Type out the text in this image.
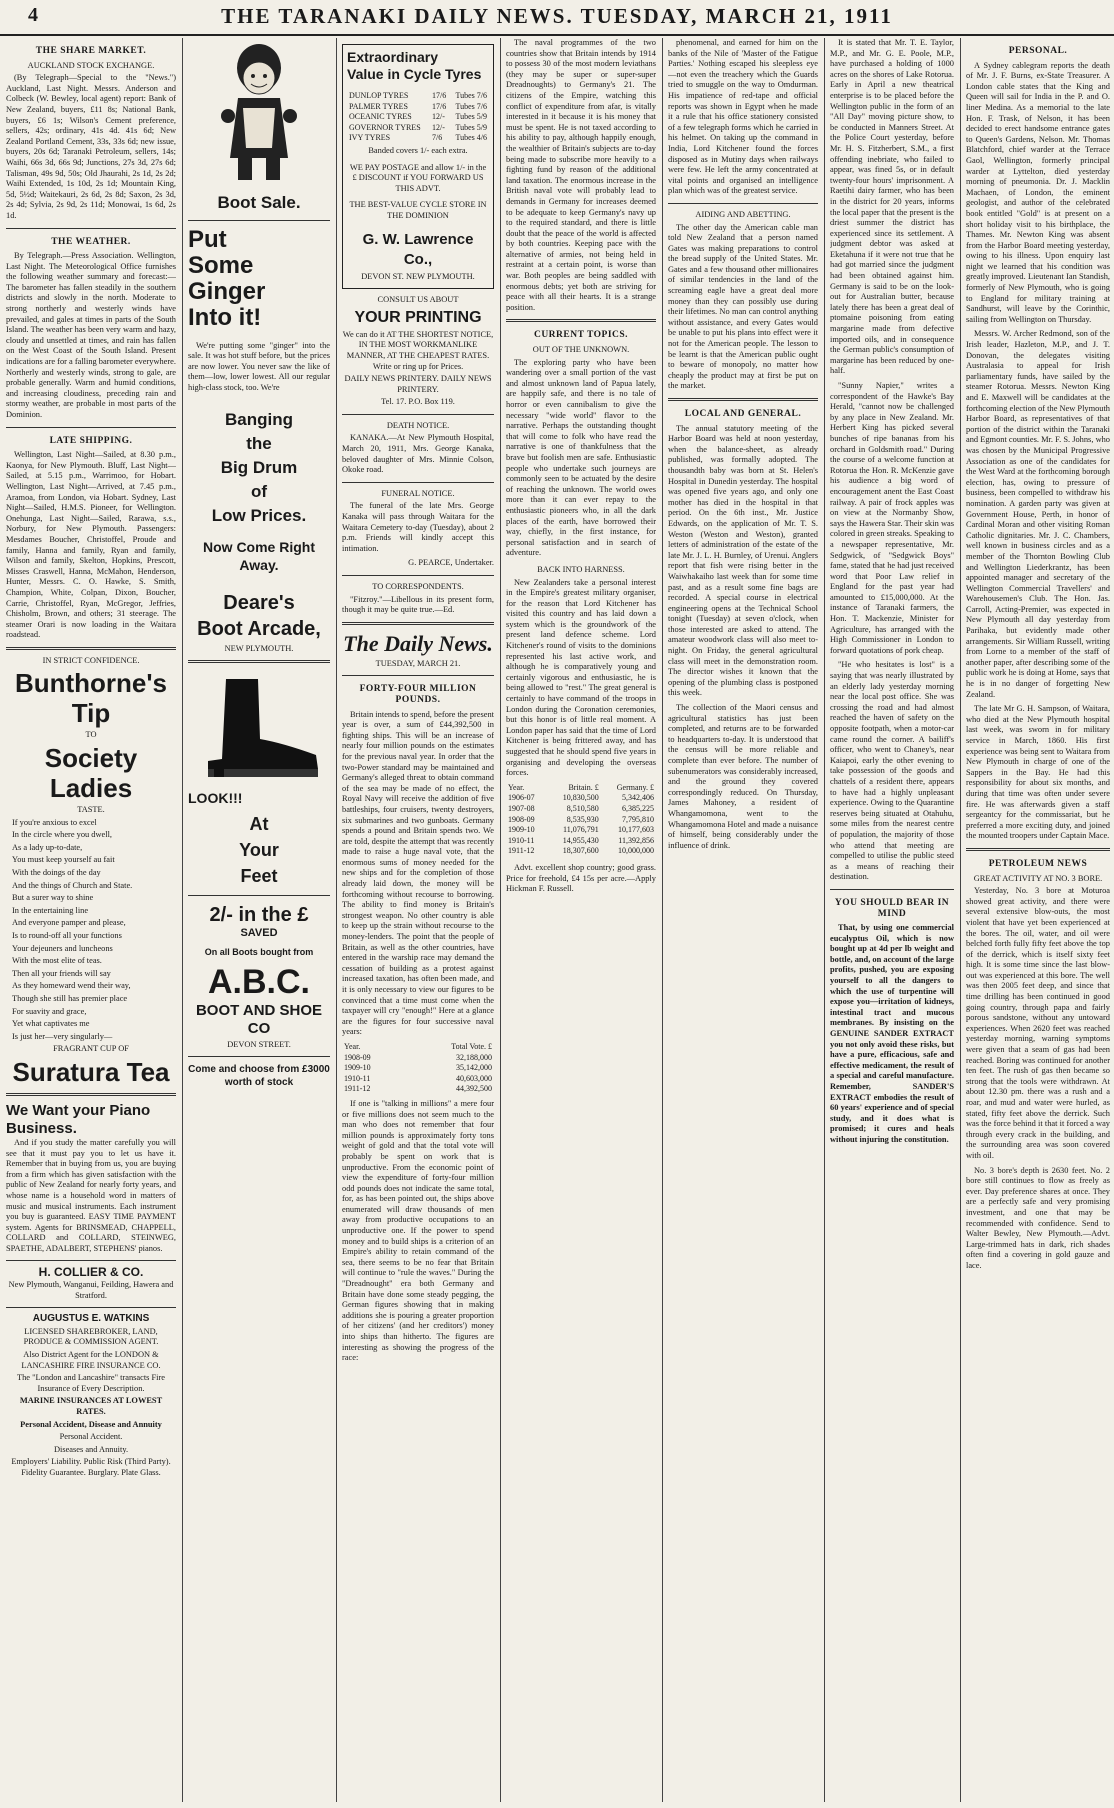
4	THE TARANAKI DAILY NEWS. TUESDAY, MARCH 21, 1911
THE SHARE MARKET.
AUCKLAND STOCK EXCHANGE.

(By Telegraph—Special to the "News.") Auckland, Last Night. Messrs. Anderson and Colbeck (W. Bewley, local agent) report: Bank of New Zealand, buyers, £11 8s; National Bank, buyers, £6 1s; Wilson's Cement preference, sellers, 42s; ordinary, 41s 4d. 41s 6d; New Zealand Portland Cement, 33s, 33s 6d; new issue, buyers, 20s 6d; Taranaki Petroleum, sellers, 14s; Waihi, 66s 3d, 66s 9d; Junctions, 27s 3d, 27s 6d; Talisman, 49s 9d, 50s; Old Jhaurahi, 2s 1d, 2s 2d; Waihi Extended, 1s 10d, 2s 1d; Mountain King, 5d, 5½d; Waitekauri, 2s 6d, 2s 8d; Saxon, 2s 3d, 2s 4d; Sylvia, 2s 9d, 2s 11d; Monowai, 1s 6d, 2s 1d.

THE WEATHER.

By Telegraph.—Press Association. Wellington, Last Night. The Meteorological Office furnishes the following weather summary and forecast:—The barometer has fallen steadily in the southern districts and slowly in the north. Moderate to strong northerly and westerly winds have prevailed, and gales at times in parts of the South Island. The weather has been very warm and hazy, cloudy and unsettled at times, and rain has fallen on the West Coast of the South Island. Present indications are for a falling barometer everywhere. Northerly and westerly winds, strong to gale, are probable generally. Warm and humid conditions, and increasing cloudiness, preceding rain and stormy weather, are probable in most parts of the Dominion.

LATE SHIPPING.

Wellington, Last Night—Sailed, at 8.30 p.m., Kaonya, for New Plymouth. Bluff, Last Night—Sailed, at 5.15 p.m., Warrimoo, for Hobart. Wellington, Last Night—Arrived, at 7.45 p.m., Aramoa, from London, via Hobart. Sydney, Last Night—Sailed, H.M.S. Pioneer, for Wellington. Onehunga, Last Night—Sailed, Rarawa, s.s., Norbury, for New Plymouth. Passengers: Mesdames Boucher, Christoffel, Proude and family, Hanna and family, Ryan and family, Wilson and family, Skelton, Hopkins, Prescott, Misses Craswell, Hanna, McMahon, Henderson, Hunter, Messrs. C. O. Hawke, S. Smith, Champion, White, Colpan, Dixon, Boucher, Carrie, Christoffel, Ryan, McGregor, Jeffries, Chisholm, Brown, and others; 31 steerage. The steamer Orari is now loading in the Waitara roadstead.

IN STRICT CONFIDENCE.
Bunthorne's Tip
TO
Society Ladies
TASTE.
If you're anxious to excel
In the circle where you dwell,
As a lady up-to-date,
You must keep yourself au fait
With the doings of the day
And the things of Church and State.
But a surer way to shine
In the entertaining line
And everyone pamper and please,
Is to round-off all your functions
Your dejeuners and luncheons
With the most elite of teas.
Then all your friends will say
As they homeward wend their way,
Though she still has premier place
For suavity and grace,
Yet what captivates me
Is just her—very singularly—
FRAGRANT CUP OF
Suratura Tea
We Want your Piano Business.

And if you study the matter carefully you will see that it must pay you to let us have it. Remember that in buying from us, you are buying from a firm which has given satisfaction with the public of New Zealand for nearly forty years, and whose name is a household word in matters of music and musical instruments. Each instrument you buy is guaranteed. EASY TIME PAYMENT system. Agents for BRINSMEAD, CHAPPELL, COLLARD and COLLARD, STEINWEG, SPAETHE, ADALBERT, STEPHENS' pianos.

H. COLLIER & CO.
New Plymouth, Wanganui, Feilding, Hawera and Stratford.
AUGUSTUS E. WATKINS
LICENSED SHAREBROKER, LAND, PRODUCE & COMMISSION AGENT.
Also District Agent for the LONDON & LANCASHIRE FIRE INSURANCE CO.
The "London and Lancashire" transacts Fire Insurance of Every Description.
MARINE INSURANCES AT LOWEST RATES.
Personal Accident, Disease and Annuity
Personal Accident.
Diseases and Annuity.
Employers' Liability. Public Risk (Third Party). Fidelity Guarantee. Burglary. Plate Glass.
Boot Sale.
Put
Some
Ginger
Into it!

We're putting some "ginger" into the sale. It was hot stuff before, but the prices are now lower. You never saw the like of them—low, lower lowest. All our regular high-class stock, too. We're

Banging
the
Big Drum
of
Low Prices.
Now Come Right Away.
Deare's
Boot Arcade,
NEW PLYMOUTH.
LOOK!!!
At
Your
Feet
2/- in the £
SAVED
On all Boots bought from
A.B.C.
BOOT AND SHOE CO
DEVON STREET.
Come and choose from £3000 worth of stock
Extraordinary
Value in Cycle Tyres
DUNLOP TYRES	17/6	Tubes 7/6
PALMER TYRES	17/6	Tubes 7/6
OCEANIC TYRES	12/-	Tubes 5/9
GOVERNOR TYRES	12/-	Tubes 5/9
IVY TYRES	7/6	Tubes 4/6
Banded covers 1/- each extra.
WE PAY POSTAGE and allow 1/- in the £ DISCOUNT if YOU FORWARD US THIS ADVT.
THE BEST-VALUE CYCLE STORE IN THE DOMINION
G. W. Lawrence Co.,
DEVON ST. NEW PLYMOUTH.
CONSULT US ABOUT
YOUR PRINTING
We can do it AT THE SHORTEST NOTICE, IN THE MOST WORKMANLIKE MANNER, AT THE CHEAPEST RATES. Write or ring up for Prices.
DAILY NEWS PRINTERY. DAILY NEWS PRINTERY.
Tel. 17. P.O. Box 119.
DEATH NOTICE.

KANAKA.—At New Plymouth Hospital, March 20, 1911, Mrs. George Kanaka, beloved daughter of Mrs. Minnie Colson, Okoke road.

FUNERAL NOTICE.

The funeral of the late Mrs. George Kanaka will pass through Waitara for the Waitara Cemetery to-day (Tuesday), about 2 p.m. Friends will kindly accept this intimation.

G. PEARCE, Undertaker.
TO CORRESPONDENTS.

"Fitzroy."—Libellous in its present form, though it may be quite true.—Ed.

The Daily News.
TUESDAY, MARCH 21.
FORTY-FOUR MILLION POUNDS.

Britain intends to spend, before the present year is over, a sum of £44,392,500 in fighting ships. This will be an increase of nearly four million pounds on the estimates for the previous naval year. In order that the two-Power standard may be maintained and Germany's alleged threat to obtain command of the sea may be made of no effect, the Royal Navy will receive the addition of five battleships, four cruisers, twenty destroyers, six submarines and two gunboats. Germany spends a pound and Britain spends two. We are told, despite the attempt that was recently made to raise a huge naval vote, that the enormous sums of money needed for the new ships and for the completion of those already laid down, the money will be forthcoming without recourse to borrowing. The ability to find money is Britain's strongest weapon. No other country is able to keep up the strain without recourse to the money-lenders. The point that the people of Britain, as well as the other countries, have entered in the warship race may demand the cessation of building as a protest against increased taxation, has often been made, and it is only necessary to view our figures to be convinced that a time must come when the taxpayer will cry "enough!" Here at a glance are the figures for four successive naval years:

Year.	Total Vote. £
1908-09	32,188,000
1909-10	35,142,000
1910-11	40,603,000
1911-12	44,392,500

If one is "talking in millions" a mere four or five millions does not seem much to the man who does not remember that four million pounds is approximately forty tons weight of gold and that the total vote will probably be spent on work that is unproductive. From the economic point of view the expenditure of forty-four million odd pounds does not indicate the same total, for, as has been pointed out, the ships above enumerated will draw thousands of men away from productive occupations to an unproductive one. If the power to spend money and to build ships is a criterion of an Empire's ability to retain command of the sea, there seems to be no fear that Britain will continue to "rule the waves." During the "Dreadnought" era both Germany and Britain have done some steady pegging, the German figures showing that in making additions she is pouring a greater proportion of her citizens' (and her creditors') money into ships than hitherto. The figures are interesting as showing the progress of the race:

The naval programmes of the two countries show that Britain intends by 1914 to possess 30 of the most modern leviathans (they may be super or super-super Dreadnoughts) to Germany's 21. The citizens of the Empire, watching this conflict of expenditure from afar, is vitally interested in it because it is his money that must be spent. He is not taxed according to his ability to pay, although happily enough, the wealthier of Britain's subjects are to-day being made to subscribe more heavily to a fighting fund by reason of the additional land taxation. The enormous increase in the British naval vote will probably lead to demands in Germany for increases deemed to be adequate to keep Germany's navy up to the required standard, and there is little doubt that the peace of the world is affected by both countries. Keeping pace with the alternative of armies, not being held in restraint at a certain point, is worse than war. Both peoples are being saddled with enormous debts; yet both are striving for peace with all their hearts. It is a strange position.

CURRENT TOPICS.
OUT OF THE UNKNOWN.

The exploring party who have been wandering over a small portion of the vast and almost unknown land of Papua lately, are happily safe, and there is no tale of horror or even cannibalism to give the necessary "wide world" flavor to the narrative. Perhaps the outstanding thought that will come to folk who have read the narrative is one of thankfulness that the brave but foolish men are safe. Enthusiastic people who undertake such journeys are commonly seen to be actuated by the desire of reaching the unknown. The world owes more than it can ever repay to the enthusiastic pioneers who, in all the dark places of the earth, have borrowed their way, chiefly, in the first instance, for personal satisfaction and in search of adventure.

BACK INTO HARNESS.

New Zealanders take a personal interest in the Empire's greatest military organiser, for the reason that Lord Kitchener has visited this country and has laid down a system which is the groundwork of the present land defence scheme. Lord Kitchener's round of visits to the dominions represented his last active work, and although he is comparatively young and certainly vigorous and enthusiastic, he is being allowed to "rest." The great general is certainly to have command of the troops in London during the Coronation ceremonies, but this honor is of little real moment. A London paper has said that the time of Lord Kitchener is being frittered away, and has suggested that he should spend five years in organising and developing the overseas forces.

Year.	Britain. £	Germany. £
1906-07	10,830,500	5,342,406
1907-08	8,510,580	6,385,225
1908-09	8,535,930	7,795,810
1909-10	11,076,791	10,177,603
1910-11	14,955,430	11,392,856
1911-12	18,307,600	10,000,000

Advt. excellent shop country; good grass. Price for freehold, £4 15s per acre.—Apply Hickman F. Russell.

phenomenal, and earned for him on the banks of the Nile of 'Master of the Fatigue Parties.' Nothing escaped his sleepless eye—not even the treachery which the Guards tried to smuggle on the way to Omdurman. His impatience of red-tape and official reports was shown in Egypt when he made it a rule that his office stationery consisted of a few telegraph forms which he carried in his helmet. On taking up the command in India, Lord Kitchener found the forces disposed as in Mutiny days when railways were few. He left the army concentrated at vital points and organised an intelligence plan which was of the greatest service.

AIDING AND ABETTING.

The other day the American cable man told New Zealand that a person named Gates was making preparations to control the bread supply of the United States. Mr. Gates and a few thousand other millionaires of similar tendencies in the land of the screaming eagle have a great deal more money than they can possibly use during their lifetimes. No man can control anything without assistance, and every Gates would be unable to put his plans into effect were it not for the American people. The lesson to be learnt is that the American public ought to beware of monopoly, no matter how cheaply the product may at first be put on the market.

LOCAL AND GENERAL.

The annual statutory meeting of the Harbor Board was held at noon yesterday, when the balance-sheet, as already published, was formally adopted. The thousandth baby was born at St. Helen's Hospital in Dunedin yesterday. The hospital was opened five years ago, and only one mother has died in the hospital in that period. On the 6th inst., Mr. Justice Edwards, on the application of Mr. T. S. Weston (Weston and Weston), granted letters of administration of the estate of the late Mr. J. L. H. Burnley, of Urenui. Anglers report that fish were rising better in the Waiwhakaiho last week than for some time past, and as a result some fine bags are recorded. A special course in electrical engineering opens at the Technical School tonight (Tuesday) at seven o'clock, when those interested are asked to attend. The amateur woodwork class will also meet to-night. On Friday, the general agricultural class will meet in the demonstration room. The director wishes it known that the opening of the plumbing class is postponed this week.

The collection of the Maori census and agricultural statistics has just been completed, and returns are to be forwarded to headquarters to-day. It is understood that the census will be more reliable and complete than ever before. The number of subenumerators was considerably increased, and the ground they covered correspondingly reduced. On Thursday, James Mahoney, a resident of Whangamomona, went to the Whangamomona Hotel and made a nuisance of himself, being considerably under the influence of drink.

It is stated that Mr. T. E. Taylor, M.P., and Mr. G. E. Poole, M.P., have purchased a holding of 1000 acres on the shores of Lake Rotorua. Early in April a new theatrical enterprise is to be placed before the Wellington public in the form of an "All Day" moving picture show, to be conducted in Manners Street. At the Police Court yesterday, before Mr. H. S. Fitzherbert, S.M., a first offending inebriate, who failed to appear, was fined 5s, or in default twenty-four hours' imprisonment. A Raetihi dairy farmer, who has been in the district for 20 years, informs the local paper that the present is the driest summer the district has experienced since its settlement. A judgment debtor was asked at Eketahuna if it were not true that he had got married since the judgment had been obtained against him. Germany is said to be on the look-out for Australian butter, because lately there has been a great deal of ptomaine poisoning from eating margarine made from defective imported oils, and in consequence the German public's consumption of margarine has been reduced by one-half.

"Sunny Napier," writes a correspondent of the Hawke's Bay Herald, "cannot now be challenged by any place in New Zealand. Mr. Herbert King has picked several bunches of ripe bananas from his orchard in Goldsmith road." During the course of a welcome function at Rotorua the Hon. R. McKenzie gave his audience a big word of encouragement anent the East Coast railway. A pair of frock apples was on view at the Normanby Show, says the Hawera Star. Their skin was colored in green streaks. Speaking to a newspaper representative, Mr. Sedgwick, of "Sedgwick Boys" fame, stated that he had just received word that Poor Law relief in England for the past year had amounted to £15,000,000. At the instance of Taranaki farmers, the Hon. T. Mackenzie, Minister for Agriculture, has arranged with the High Commissioner in London to forward quotations of pork cheap.

"He who hesitates is lost" is a saying that was nearly illustrated by an elderly lady yesterday morning near the local post office. She was crossing the road and had almost reached the haven of safety on the opposite footpath, when a motor-car came round the corner. A bailiff's officer, who went to Chaney's, near Kaiapoi, early the other evening to take possession of the goods and chattels of a resident there, appears to have had a highly unpleasant experience. Owing to the Quarantine reserves being situated at Otahuhu, some miles from the nearest centre of population, the majority of those who attend that meeting are compelled to utilise the public steed as a means of reaching their destination.

YOU SHOULD BEAR IN MIND

That, by using one commercial eucalyptus Oil, which is now bought up at 4d per lb weight and bottle, and, on account of the large profits, pushed, you are exposing yourself to all the dangers to which the use of turpentine will expose you—irritation of kidneys, intestinal tract and mucous membranes. By insisting on the GENUINE SANDER EXTRACT you not only avoid these risks, but have a pure, efficacious, safe and effective medicament, the result of a special and careful manufacture. Remember, SANDER'S EXTRACT embodies the result of 60 years' experience and of special study, and it does what is promised; it cures and heals without injuring the constitution.

PERSONAL.

A Sydney cablegram reports the death of Mr. J. F. Burns, ex-State Treasurer. A London cable states that the King and Queen will sail for India in the P. and O. liner Medina. As a memorial to the late Hon. F. Trask, of Nelson, it has been decided to erect handsome entrance gates to Queen's Gardens, Nelson. Mr. Thomas Blatchford, chief warder at the Terrace Gaol, Wellington, formerly principal warder at Lyttelton, died yesterday morning of pneumonia. Dr. J. Macklin Machaen, of London, the eminent geologist, and author of the celebrated book entitled "Gold" is at present on a short holiday visit to his birthplace, the Thames. Mr. Newton King was absent from the Harbor Board meeting yesterday, owing to his illness. Upon enquiry last night we learned that his condition was greatly improved. Lieutenant Ian Standish, formerly of New Plymouth, who is going to England for military training at Sandhurst, will leave by the Corinthic, sailing from Wellington on Thursday.

Messrs. W. Archer Redmond, son of the Irish leader, Hazleton, M.P., and J. T. Donovan, the delegates visiting Australasia to appeal for Irish parliamentary funds, have sailed by the steamer Rotorua. Messrs. Newton King and E. Maxwell will be candidates at the forthcoming election of the New Plymouth Harbor Board, as representatives of that portion of the district within the Taranaki and Egmont counties. Mr. F. S. Johns, who was chosen by the Municipal Progressive Association as one of the candidates for the West Ward at the forthcoming borough election, has, owing to pressure of business, been compelled to withdraw his nomination. A garden party was given at Government House, Perth, in honor of Cardinal Moran and other visiting Roman Catholic dignitaries. Mr. J. C. Chambers, well known in business circles and as a member of the Thornton Bowling Club and Wellington Liederkrantz, has been appointed manager and secretary of the Wellington Commercial Travellers' and Warehousemen's Club. The Hon. Jas. Carroll, Acting-Premier, was expected in New Plymouth all day yesterday from Parihaka, but evidently made other arrangements. Sir William Russell, writing from Lorne to a member of the staff of another paper, after describing some of the public work he is doing at Home, says that he is in no danger of forgetting New Zealand.

The late Mr G. H. Sampson, of Waitara, who died at the New Plymouth hospital last week, was sworn in for military service in March, 1860. His first experience was being sent to Waitara from New Plymouth in charge of one of the Sappers in the Bay. He had this responsibility for about six months, and during that time was often under severe fire. He was afterwards given a staff sergeantcy for the commissariat, but he preferred a more exciting duty, and joined the mounted troopers under Captain Mace.

PETROLEUM NEWS
GREAT ACTIVITY AT NO. 3 BORE.

Yesterday, No. 3 bore at Moturoa showed great activity, and there were several extensive blow-outs, the most violent that have yet been experienced at the bores. The oil, water, and oil were belched forth fully fifty feet above the top of the derrick, which is itself sixty feet high. It is some time since the last blow-out was experienced at this bore. The well was then 2005 feet deep, and since that time drilling has been continued in good going country, through papa and fairly porous sandstone, without any untoward experiences. When 2620 feet was reached yesterday morning, warning symptoms were given that a seam of gas had been reached. Boring was continued for another ten feet. The rush of gas then became so strong that the tools were withdrawn. At about 12.30 pm. there was a rush and a roar, and mud and water were hurled, as stated, fifty feet above the derrick. Such was the force behind it that it forced a way through every crack in the building, and the surrounding area was soon covered with oil.

No. 3 bore's depth is 2630 feet. No. 2 bore still continues to flow as freely as ever. Day preference shares at once. They are a perfectly safe and very promising investment, and one that may be recommended with confidence. Send to Walter Bewley, New Plymouth.—Advt. Large-trimmed hats in dark, rich shades often find a covering in gold gauze and lace.
